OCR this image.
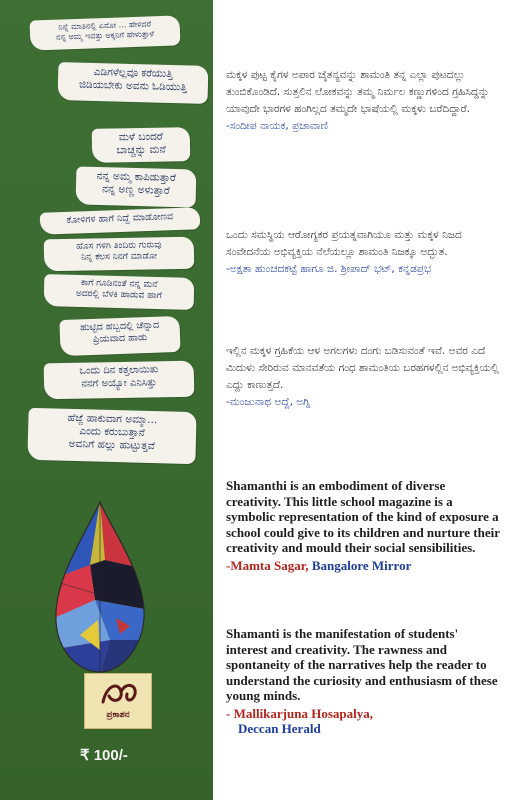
ನಿನ್ನೆ ಮಾತಿನಲ್ಲಿ ಏನೋ ... ಹೇಳಿದರೆ
ನನ್ನ ಅಮ್ಮ ಇವತ್ತು ಅಕ್ಕನಿಗೆ ಹೇಳುತ್ತಾಳೆ
ಎಡಿಗಳೆಲ್ಲವೂ ಕರೆಯುತ್ತಿ
ಜಿಡಿಯಬೇಕು ಅವನು ಓಡಿಯುತ್ತಿ
ಮಳೆ ಬಂದರೆ
ಬಾಚ್ಚನ್ನು ಮನೆ
ನನ್ನ ಅಮ್ಮ ಕಾಪಿಡುತ್ತಾರೆ
ನನ್ನ ಅಣ್ಣ ಅಳುತ್ತಾರೆ
ಕೋಳಿಗಳ ಹಾಗೆ ನಿದ್ದೆ ಮಾಡೋಣವ
ಹೊಸ ಗಳಿಗಿ ತಿಂದಿರು ಗುರುವು
ನಿನ್ನ ಕೆಲಸ ನಿನಗೆ ಮಾಡೋ
ಕಾಗೆ ಗೂಡಿನಂತೆ ನನ್ನ ಮನೆ
ಅದರಲ್ಲಿ ಬೆಳಕಿ ಹಾಡುವ ಹಾಗೆ
ಹುಟ್ಟಿದ ಹಬ್ಬದಲ್ಲಿ ಚೆನ್ನಾದ
ಪ್ರಿಯವಾದ ಹಾಡು
ಒಂದು ದಿನ ಕತ್ತಲಾಯಿತು
ನನಗೆ ಅಯ್ಯೋ ಎನಿಸಿತ್ತು
ಹೆಜ್ಜೆ ಹಾಕುವಾಗ ಅಮ್ಮಾ...
ಎಂದು ಕರುಬುತ್ತಾನೆ
ಅವನಿಗೆ ಹಲ್ಲು ಹುಟ್ಟುತ್ತವೆ
ಪ್ರಕಾಶನ
₹ 100/-
ಮಕ್ಕಳ ಪುಟ್ಟ ಕೈಗಳ ಅಪಾರ ಚೈತನ್ಯವನ್ನು ಶಾಮಂತಿ ತನ್ನ ಎಲ್ಲಾ ಪುಟದಲ್ಲು ತುಂಬಿಕೊಂಡಿದೆ. ಸುತ್ತಲಿನ ಲೋಕವನ್ನು ತಮ್ಮ ನಿರ್ಮಲ ಕಣ್ಣುಗಳಿಂದ ಗ್ರಹಿಸಿದ್ದನ್ನು ಯಾವುದೇ ಭಾರಗಳ ಹಂಗಿಲ್ಲದ ತಮ್ಮದೇ ಭಾಷೆಯಲ್ಲಿ ಮಕ್ಕಳು ಬರೆದಿದ್ದಾರೆ.
-ಸಂದೀಪ ನಾಯಕ, ಪ್ರಜಾವಾಣಿ
ಒಂದು ಸಮಸ್ಥಿಯ ಆರೋಗ್ಯಕರ ಪ್ರಯತ್ನವಾಗಿಯೂ ಮತ್ತು ಮಕ್ಕಳ ನಿಜದ ಸಂವೇದನೆಯ ಅಭಿವ್ಯಕ್ತಿಯ ನೆಲೆಯಲ್ಲೂ ಶಾಮಂತಿ ನಿಜಕ್ಕೂ ಅದ್ಭುತ.
-ಅಕ್ಷತಾ ಹುಂಚದಕಟ್ಟೆ ಹಾಗೂ ಜಿ. ಶ್ರೀಪಾದ್ ಭಟ್, ಕನ್ನಡಪ್ರಭ
ಇಲ್ಲಿನ ಮಕ್ಕಳ ಗ್ರಹಿಕೆಯ ಆಳ ಅಗಲಗಳು ದಂಗು ಬಡಿಸುವಂತೆ ಇವೆ. ಅವರ ಎದೆ ಮಿದುಳು ಸೇರಿರುವ ಮಾನವತೆಯ ಗಂಧ ಶಾಮಂತಿಯ ಬರಹಗಳಲ್ಲಿನ ಅಭಿವ್ಯಕ್ತಿಯಲ್ಲಿ ಎದ್ದು ಕಾಣುತ್ತದೆ.
-ಮಂಜುನಾಥ ಅದ್ದೆ, ಅಗ್ನಿ
Shamanthi is an embodiment of diverse creativity. This little school magazine is a symbolic representation of the kind of exposure a school could give to its children and nurture their creativity and mould their social sensibilities.
-Mamta Sagar, Bangalore Mirror
Shamanti is the manifestation of students' interest and creativity. The rawness and spontaneity of the narratives help the reader to understand the curiosity and enthusiasm of these young minds.
- Mallikarjuna Hosapalya,
Deccan Herald
